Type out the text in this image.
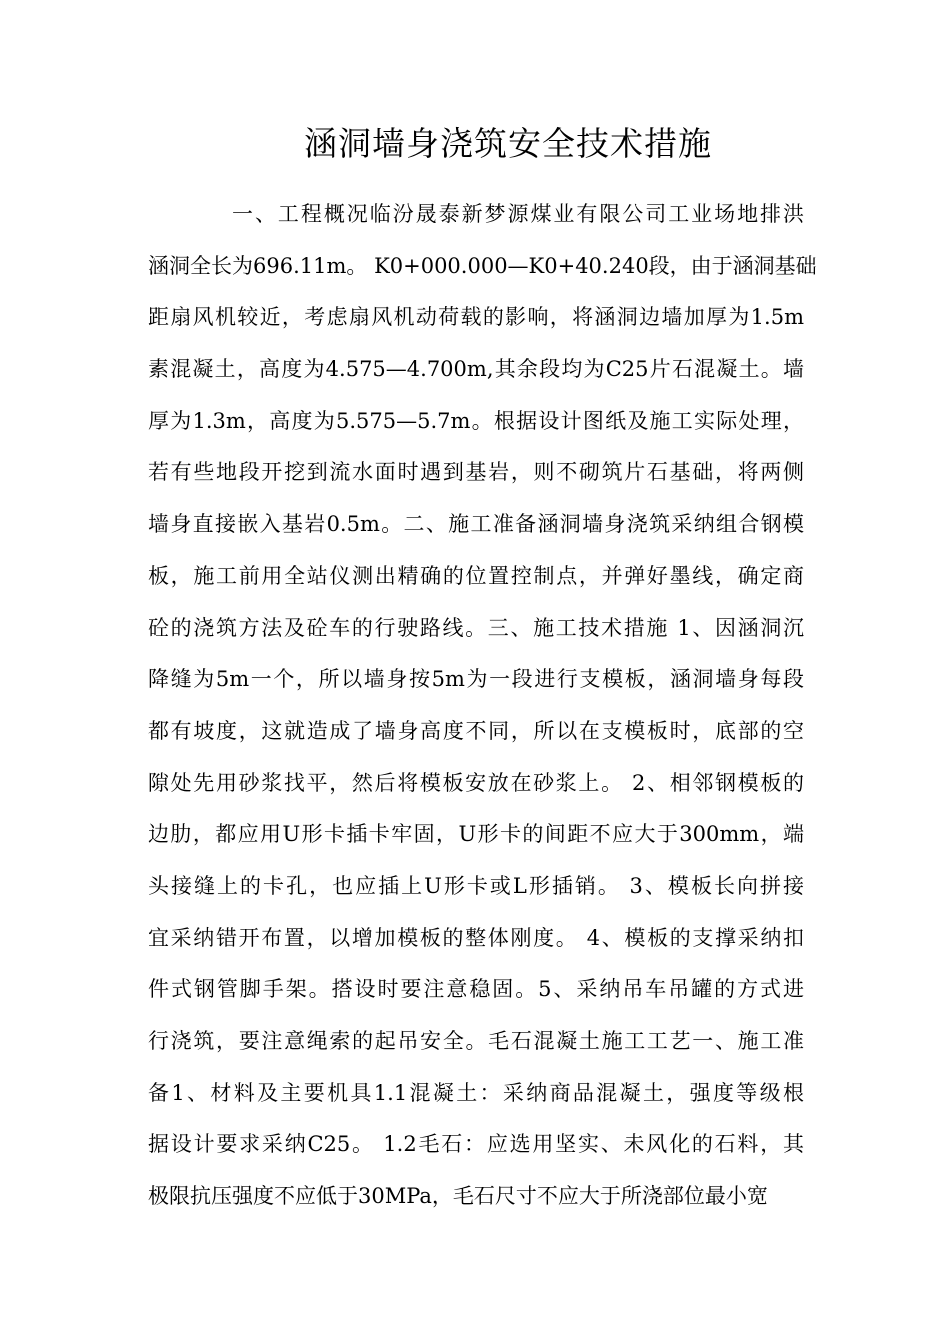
涵洞墙身浇筑安全技术措施

一、工程概况临汾晟泰新梦源煤业有限公司工业场地排洪

涵洞全长为696.11m。 K0+000.000—K0+40.240段，由于涵洞基础

距扇风机较近，考虑扇风机动荷载的影响，将涵洞边墙加厚为1.5m

素混凝土，高度为4.575—4.700m,其余段均为C25片石混凝土。墙

厚为1.3m，高度为5.575—5.7m。根据设计图纸及施工实际处理，

若有些地段开挖到流水面时遇到基岩，则不砌筑片石基础，将两侧

墙身直接嵌入基岩0.5m。二、施工准备涵洞墙身浇筑采纳组合钢模

板，施工前用全站仪测出精确的位置控制点，并弹好墨线，确定商

砼的浇筑方法及砼车的行驶路线。三、施工技术措施 1、因涵洞沉

降缝为5m一个，所以墙身按5m为一段进行支模板，涵洞墙身每段

都有坡度，这就造成了墙身高度不同，所以在支模板时，底部的空

隙处先用砂浆找平，然后将模板安放在砂浆上。 2、相邻钢模板的

边肋，都应用U形卡插卡牢固，U形卡的间距不应大于300mm，端

头接缝上的卡孔，也应插上U形卡或L形插销。 3、模板长向拼接

宜采纳错开布置，以增加模板的整体刚度。 4、模板的支撑采纳扣

件式钢管脚手架。搭设时要注意稳固。5、采纳吊车吊罐的方式进

行浇筑，要注意绳索的起吊安全。毛石混凝土施工工艺一、施工准

备1、材料及主要机具1.1混凝土：采纳商品混凝土，强度等级根

据设计要求采纳C25。 1.2毛石：应选用坚实、未风化的石料，其

极限抗压强度不应低于30MPa，毛石尺寸不应大于所浇部位最小宽
